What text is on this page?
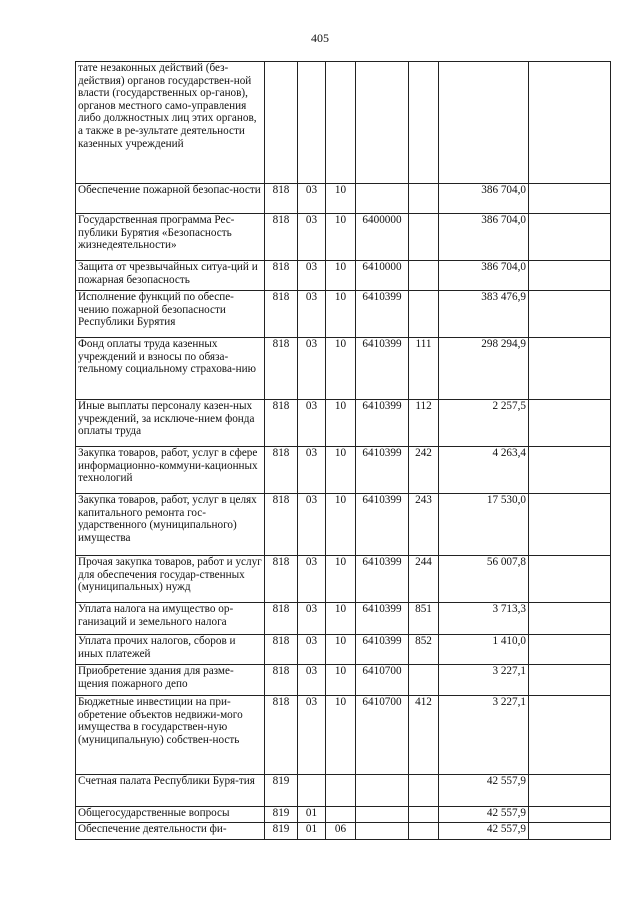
405
тате незаконных действий (без-действия) органов государствен-ной власти (государственных ор-ганов), органов местного само-управления либо должностных лиц этих органов, а также в ре-зультате деятельности казенных учреждений							
Обеспечение пожарной безопас-ности	818	03	10			386 704,0	
Государственная программа Рес-публики Бурятия «Безопасность жизнедеятельности»	818	03	10	6400000		386 704,0	
Защита от чрезвычайных ситуа-ций и пожарная безопасность	818	03	10	6410000		386 704,0	
Исполнение функций по обеспе-чению пожарной безопасности Республики Бурятия	818	03	10	6410399		383 476,9	
Фонд оплаты труда казенных учреждений и взносы по обяза-тельному социальному страхова-нию	818	03	10	6410399	111	298 294,9	
Иные выплаты персоналу казен-ных учреждений, за исключе-нием фонда оплаты труда	818	03	10	6410399	112	2 257,5	
Закупка товаров, работ, услуг в сфере информационно-коммуни-кационных технологий	818	03	10	6410399	242	4 263,4	
Закупка товаров, работ, услуг в целях капитального ремонта гос-ударственного (муниципального) имущества	818	03	10	6410399	243	17 530,0	
Прочая закупка товаров, работ и услуг для обеспечения государ-ственных (муниципальных) нужд	818	03	10	6410399	244	56 007,8	
Уплата налога на имущество ор-ганизаций и земельного налога	818	03	10	6410399	851	3 713,3	
Уплата прочих налогов, сборов и иных платежей	818	03	10	6410399	852	1 410,0	
Приобретение здания для разме-щения пожарного депо	818	03	10	6410700		3 227,1	
Бюджетные инвестиции на при-обретение объектов недвижи-мого имущества в государствен-ную (муниципальную) собствен-ность	818	03	10	6410700	412	3 227,1	
Счетная палата Республики Буря-тия	819					42 557,9	
Общегосударственные вопросы	819	01				42 557,9	
Обеспечение деятельности фи-	819	01	06			42 557,9	
